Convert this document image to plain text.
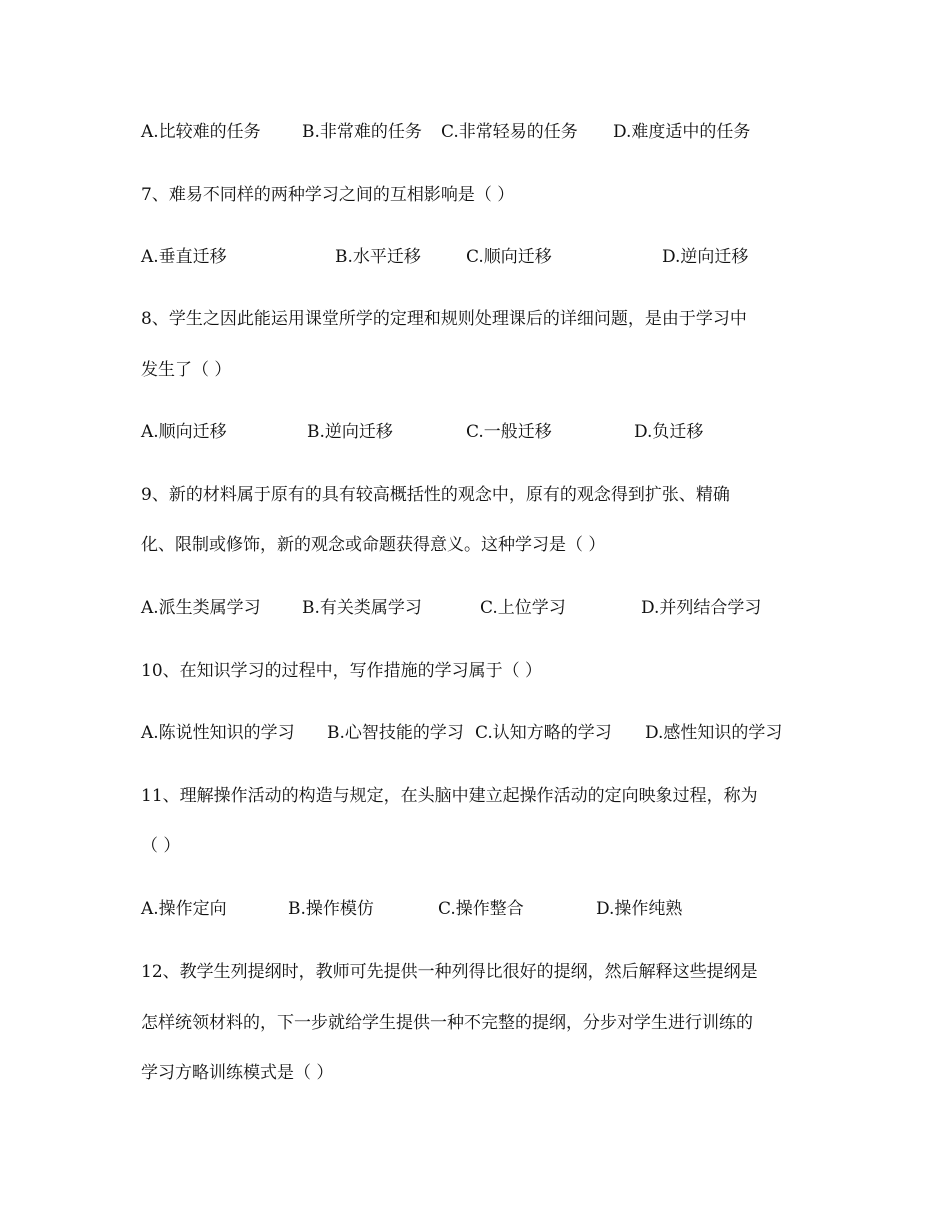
A.比较难的任务 B.非常难的任务 C.非常轻易的任务 D.难度适中的任务
7、难易不同样的两种学习之间的互相影响是（ ）
A.垂直迁移	B.水平迁移	C.顺向迁移	D.逆向迁移
8、学生之因此能运用课堂所学的定理和规则处理课后的详细问题，是由于学习中
发生了（ ）
A.顺向迁移	B.逆向迁移	C.一般迁移	D.负迁移
9、新的材料属于原有的具有较高概括性的观念中，原有的观念得到扩张、精确
化、限制或修饰，新的观念或命题获得意义。这种学习是（ ）
A.派生类属学习 B.有关类属学习	C.上位学习	D.并列结合学习
10、在知识学习的过程中，写作措施的学习属于（ ）
A.陈说性知识的学习 B.心智技能的学习 C.认知方略的学习 D.感性知识的学习
11、理解操作活动的构造与规定，在头脑中建立起操作活动的定向映象过程，称为
（ ）
A.操作定向	B.操作模仿	C.操作整合	D.操作纯熟
12、教学生列提纲时，教师可先提供一种列得比很好的提纲，然后解释这些提纲是
怎样统领材料的，下一步就给学生提供一种不完整的提纲，分步对学生进行训练的
学习方略训练模式是（ ）
